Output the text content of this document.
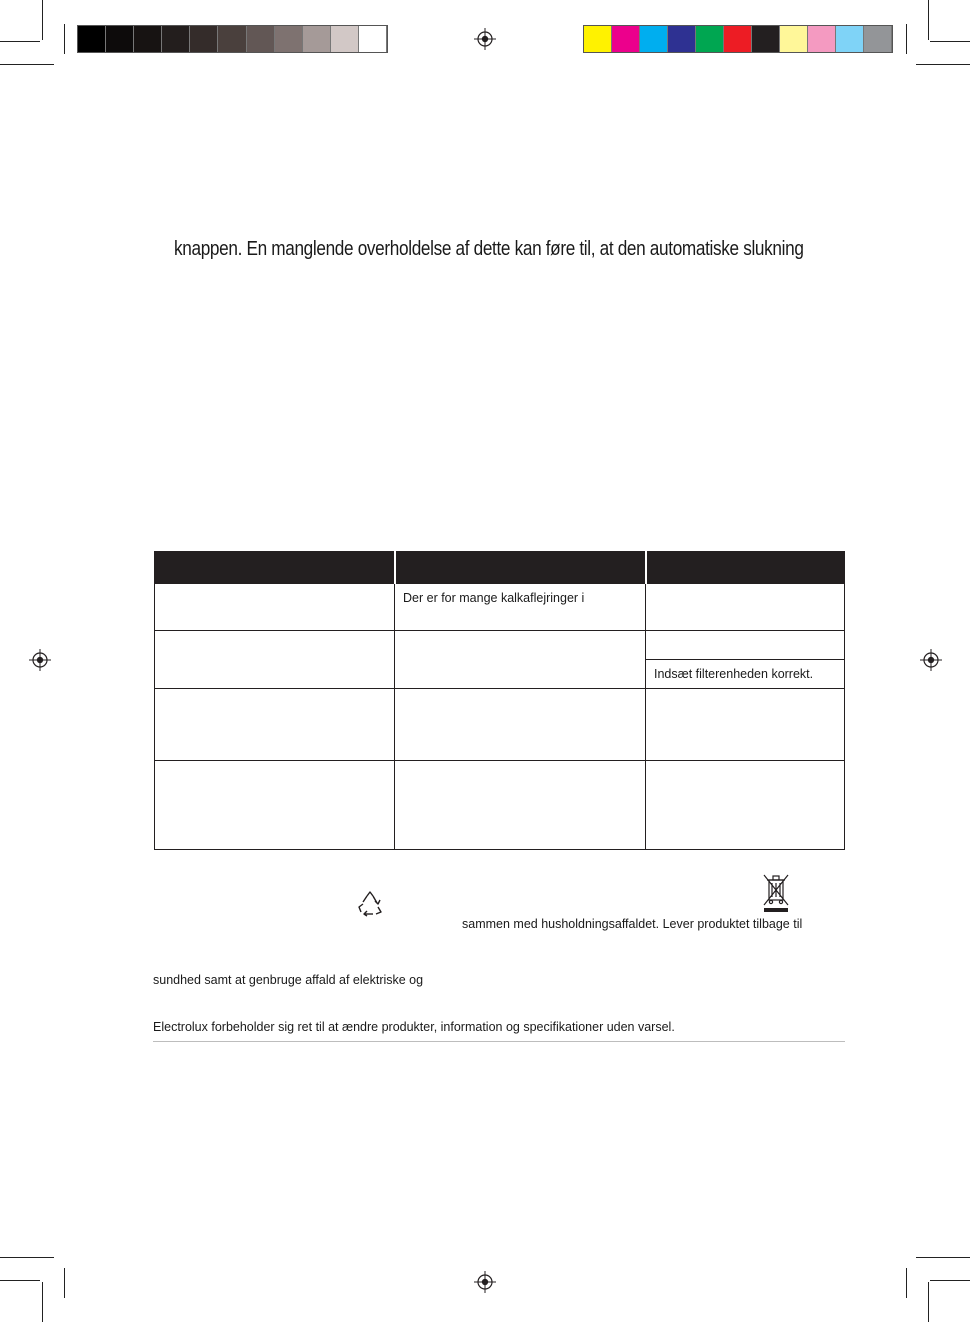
knappen. En manglende overholdelse af dette kan føre til, at den automatiske slukning

	Der er for mange kalkaflejringer i	

		Indsæt filterenheden korrekt.

sammen med husholdningsaffaldet. Lever produktet tilbage til
sundhed samt at genbruge affald af elektriske og
Electrolux forbeholder sig ret til at ændre produkter, information og specifikationer uden varsel.
